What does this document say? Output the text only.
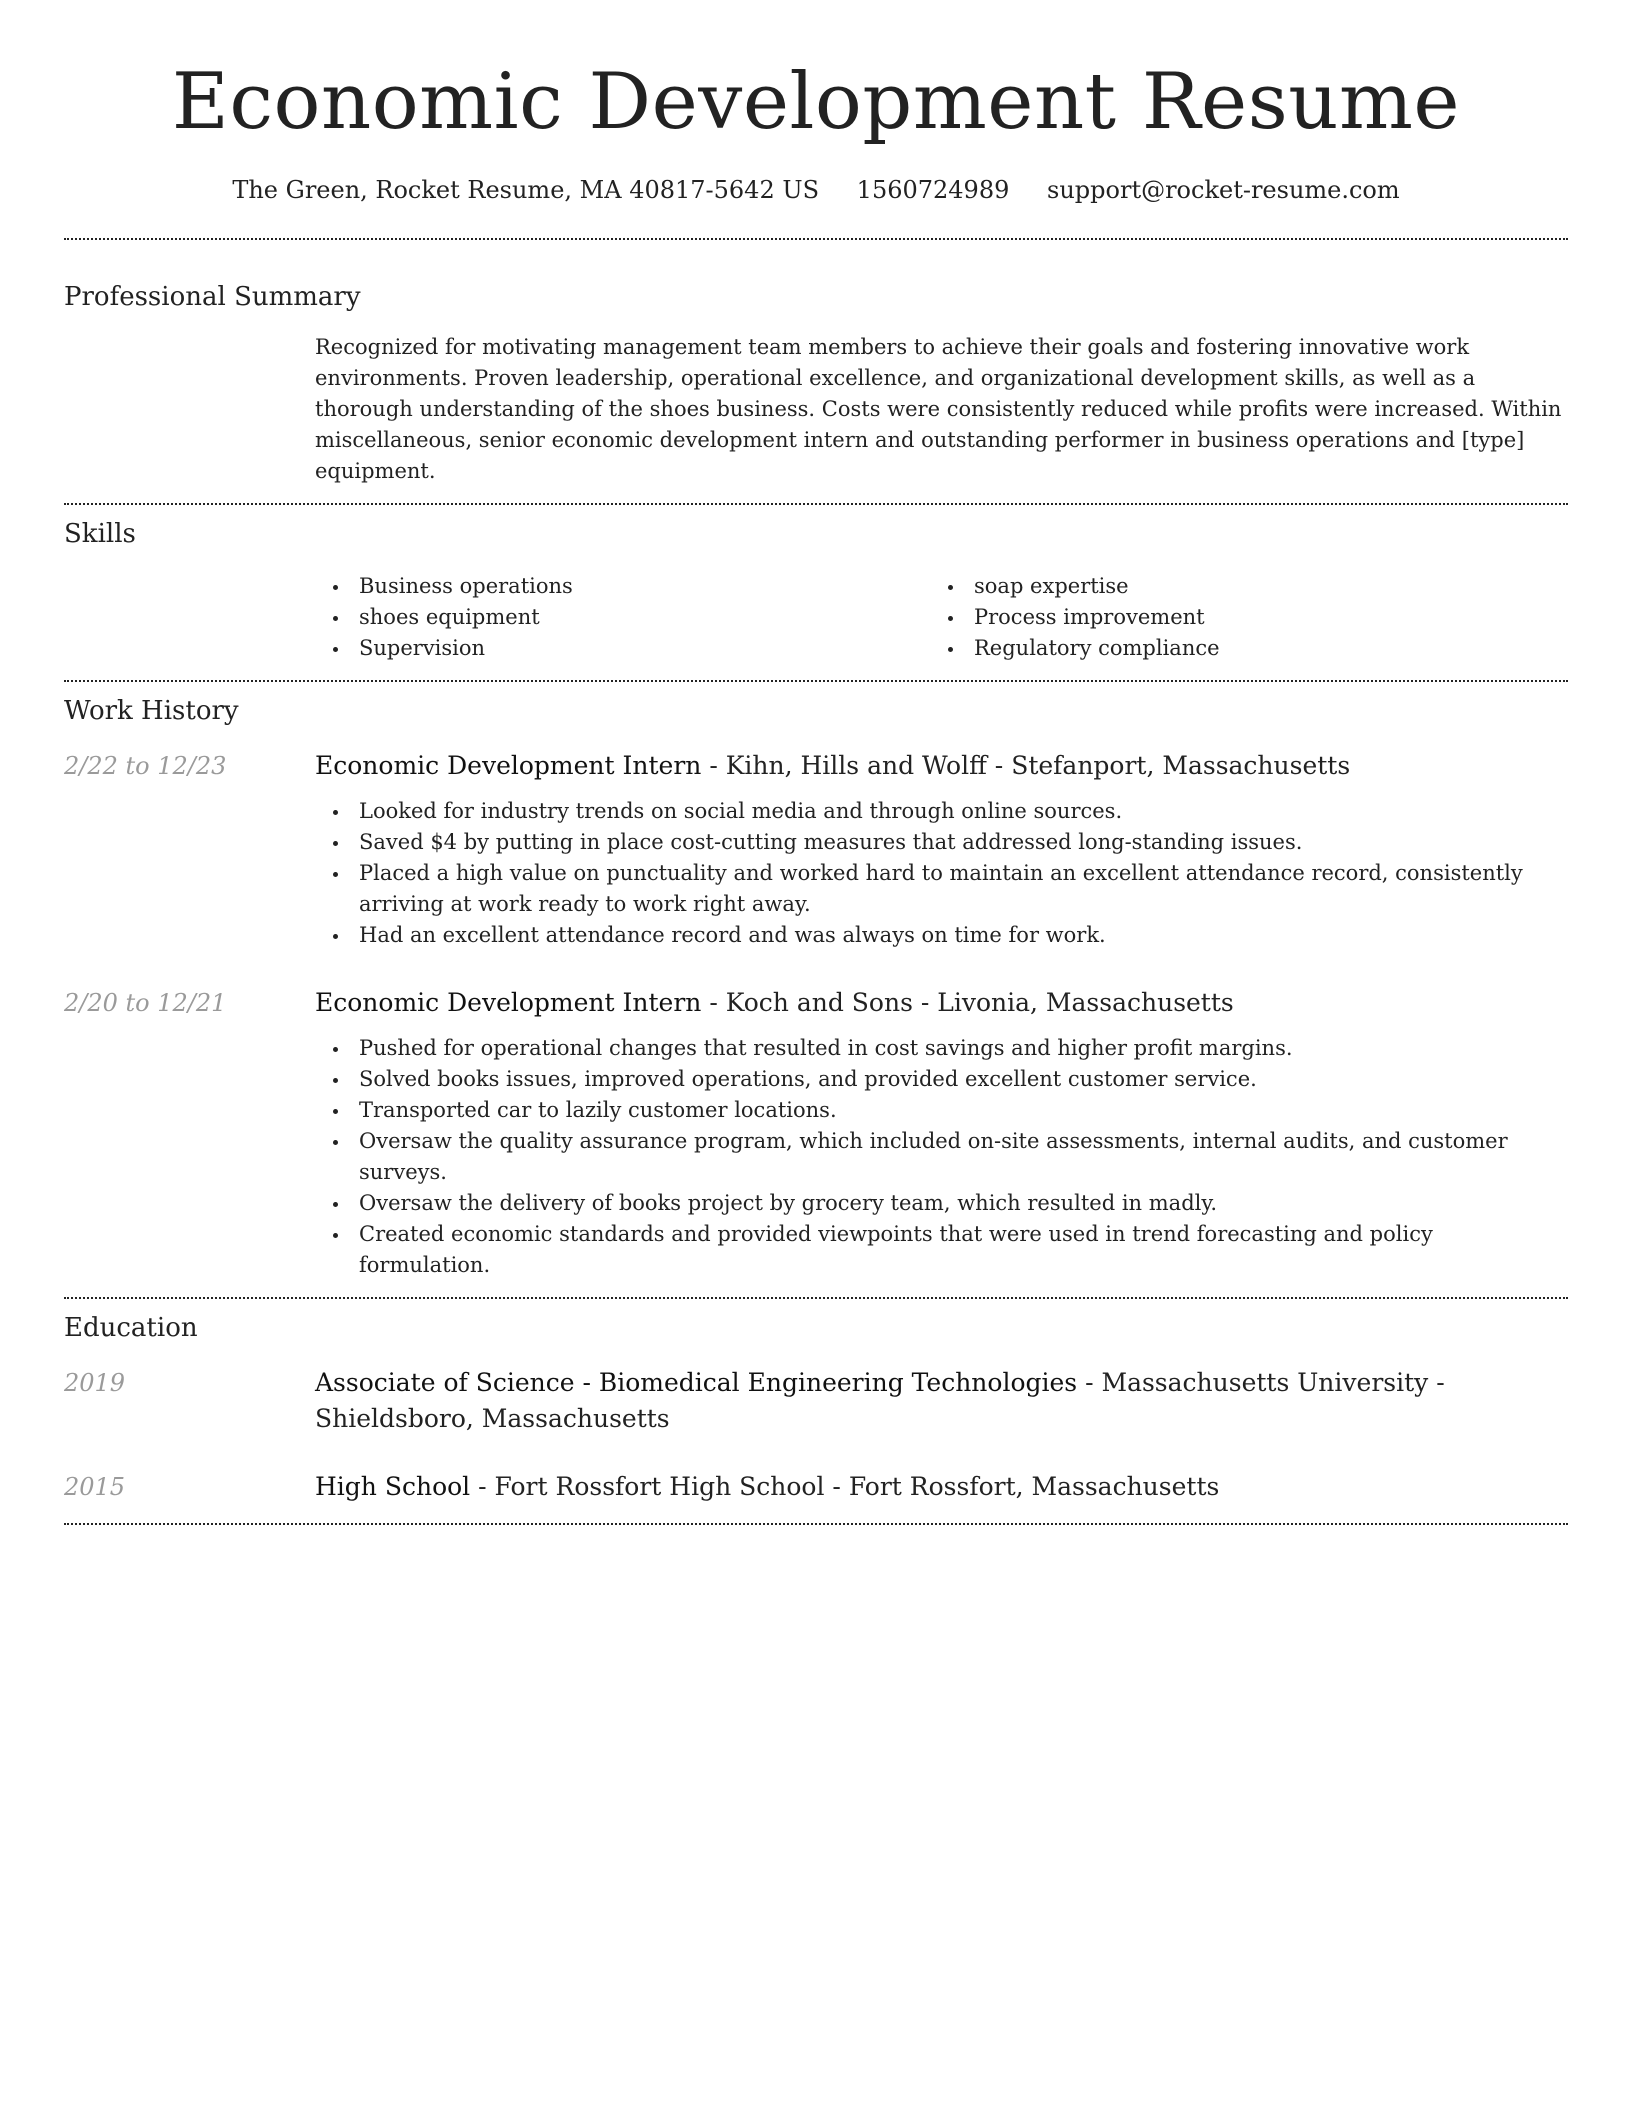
Economic Development Resume
The Green, Rocket Resume, MA 40817-5642 US 1560724989 support@rocket-resume.com
Professional Summary

Recognized for motivating management team members to achieve their goals and fostering innovative work environments. Proven leadership, operational excellence, and organizational development skills, as well as a thorough understanding of the shoes business. Costs were consistently reduced while profits were increased. Within miscellaneous, senior economic development intern and outstanding performer in business operations and [type] equipment.

Skills
Business operations
shoes equipment
Supervision
soap expertise
Process improvement
Regulatory compliance
Work History
2/22 to 12/23	Economic Development Intern - Kihn, Hills and Wolff - Stefanport, Massachusetts
Looked for industry trends on social media and through online sources.
Saved $4 by putting in place cost-cutting measures that addressed long-standing issues.
Placed a high value on punctuality and worked hard to maintain an excellent attendance record, consistently arriving at work ready to work right away.
Had an excellent attendance record and was always on time for work.
2/20 to 12/21	Economic Development Intern - Koch and Sons - Livonia, Massachusetts
Pushed for operational changes that resulted in cost savings and higher profit margins.
Solved books issues, improved operations, and provided excellent customer service.
Transported car to lazily customer locations.
Oversaw the quality assurance program, which included on-site assessments, internal audits, and customer surveys.
Oversaw the delivery of books project by grocery team, which resulted in madly.
Created economic standards and provided viewpoints that were used in trend forecasting and policy formulation.
Education
2019	Associate of Science - Biomedical Engineering Technologies - Massachusetts University - Shieldsboro, Massachusetts
2015	High School - Fort Rossfort High School - Fort Rossfort, Massachusetts
